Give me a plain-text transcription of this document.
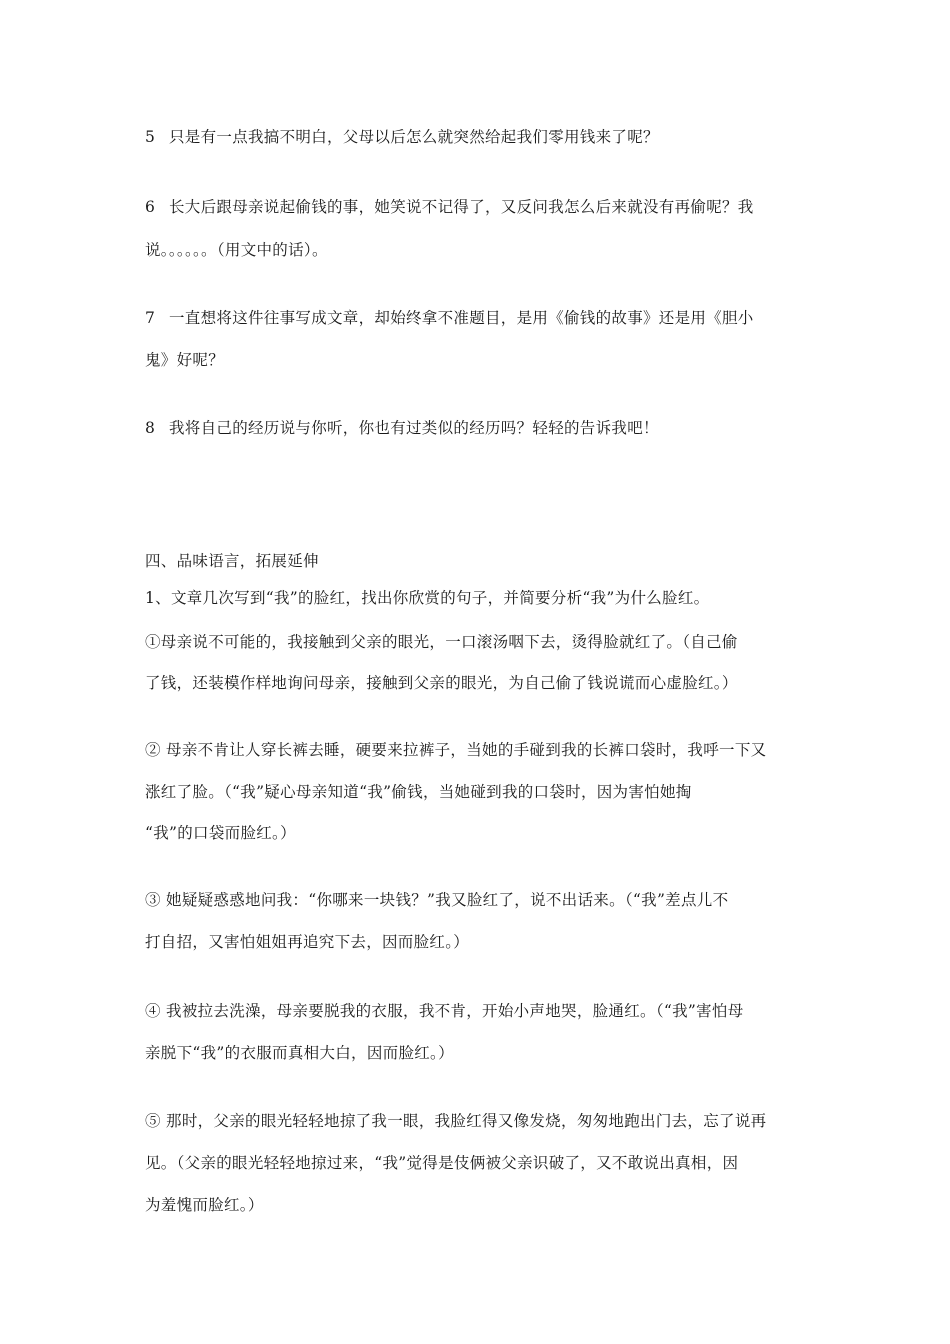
5 只是有一点我搞不明白，父母以后怎么就突然给起我们零用钱来了呢？
6 长大后跟母亲说起偷钱的事，她笑说不记得了，又反问我怎么后来就没有再偷呢？我
说。。。。。。（用文中的话）。
7 一直想将这件往事写成文章，却始终拿不准题目，是用《偷钱的故事》还是用《胆小
鬼》好呢？
8 我将自己的经历说与你听，你也有过类似的经历吗？轻轻的告诉我吧！
四、品味语言，拓展延伸
1、文章几次写到“我”的脸红，找出你欣赏的句子，并简要分析“我”为什么脸红。
①母亲说不可能的，我接触到父亲的眼光，一口滚汤咽下去，烫得脸就红了。（自己偷
了钱，还装模作样地询问母亲，接触到父亲的眼光，为自己偷了钱说谎而心虚脸红。）
② 母亲不肯让人穿长裤去睡，硬要来拉裤子，当她的手碰到我的长裤口袋时，我呼一下又
涨红了脸。（“我”疑心母亲知道“我”偷钱，当她碰到我的口袋时，因为害怕她掏
“我”的口袋而脸红。）
③ 她疑疑惑惑地问我：“你哪来一块钱？”我又脸红了，说不出话来。（“我”差点儿不
打自招，又害怕姐姐再追究下去，因而脸红。）
④ 我被拉去洗澡，母亲要脱我的衣服，我不肯，开始小声地哭，脸通红。（“我”害怕母
亲脱下“我”的衣服而真相大白，因而脸红。）
⑤ 那时，父亲的眼光轻轻地掠了我一眼，我脸红得又像发烧，匆匆地跑出门去，忘了说再
见。（父亲的眼光轻轻地掠过来，“我”觉得是伎俩被父亲识破了，又不敢说出真相，因
为羞愧而脸红。）
